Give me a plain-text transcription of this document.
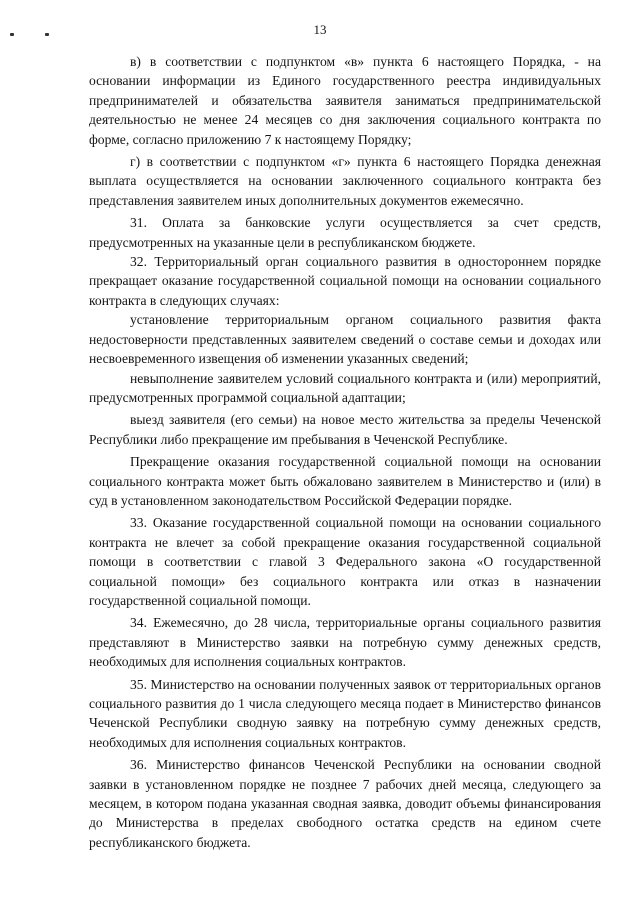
13

в) в соответствии с подпунктом «в» пункта 6 настоящего Порядка, - на основании информации из Единого государственного реестра индивидуальных предпринимателей и обязательства заявителя заниматься предпринимательской деятельностью не менее 24 месяцев со дня заключения социального контракта по форме, согласно приложению 7 к настоящему Порядку;

г) в соответствии с подпунктом «г» пункта 6 настоящего Порядка денежная выплата осуществляется на основании заключенного социального контракта без представления заявителем иных дополнительных документов ежемесячно.

31. Оплата за банковские услуги осуществляется за счет средств, предусмотренных на указанные цели в республиканском бюджете.

32. Территориальный орган социального развития в одностороннем порядке прекращает оказание государственной социальной помощи на основании социального контракта в следующих случаях:

установление территориальным органом социального развития факта недостоверности представленных заявителем сведений о составе семьи и доходах или несвоевременного извещения об изменении указанных сведений;

невыполнение заявителем условий социального контракта и (или) мероприятий, предусмотренных программой социальной адаптации;

выезд заявителя (его семьи) на новое место жительства за пределы Чеченской Республики либо прекращение им пребывания в Чеченской Республике.

Прекращение оказания государственной социальной помощи на основании социального контракта может быть обжаловано заявителем в Министерство и (или) в суд в установленном законодательством Российской Федерации порядке.

33. Оказание государственной социальной помощи на основании социального контракта не влечет за собой прекращение оказания государственной социальной помощи в соответствии с главой 3 Федерального закона «О государственной социальной помощи» без социального контракта или отказ в назначении государственной социальной помощи.

34. Ежемесячно, до 28 числа, территориальные органы социального развития представляют в Министерство заявки на потребную сумму денежных средств, необходимых для исполнения социальных контрактов.

35. Министерство на основании полученных заявок от территориальных органов социального развития до 1 числа следующего месяца подает в Министерство финансов Чеченской Республики сводную заявку на потребную сумму денежных средств, необходимых для исполнения социальных контрактов.

36. Министерство финансов Чеченской Республики на основании сводной заявки в установленном порядке не позднее 7 рабочих дней месяца, следующего за месяцем, в котором подана указанная сводная заявка, доводит объемы финансирования до Министерства в пределах свободного остатка средств на едином счете республиканского бюджета.
